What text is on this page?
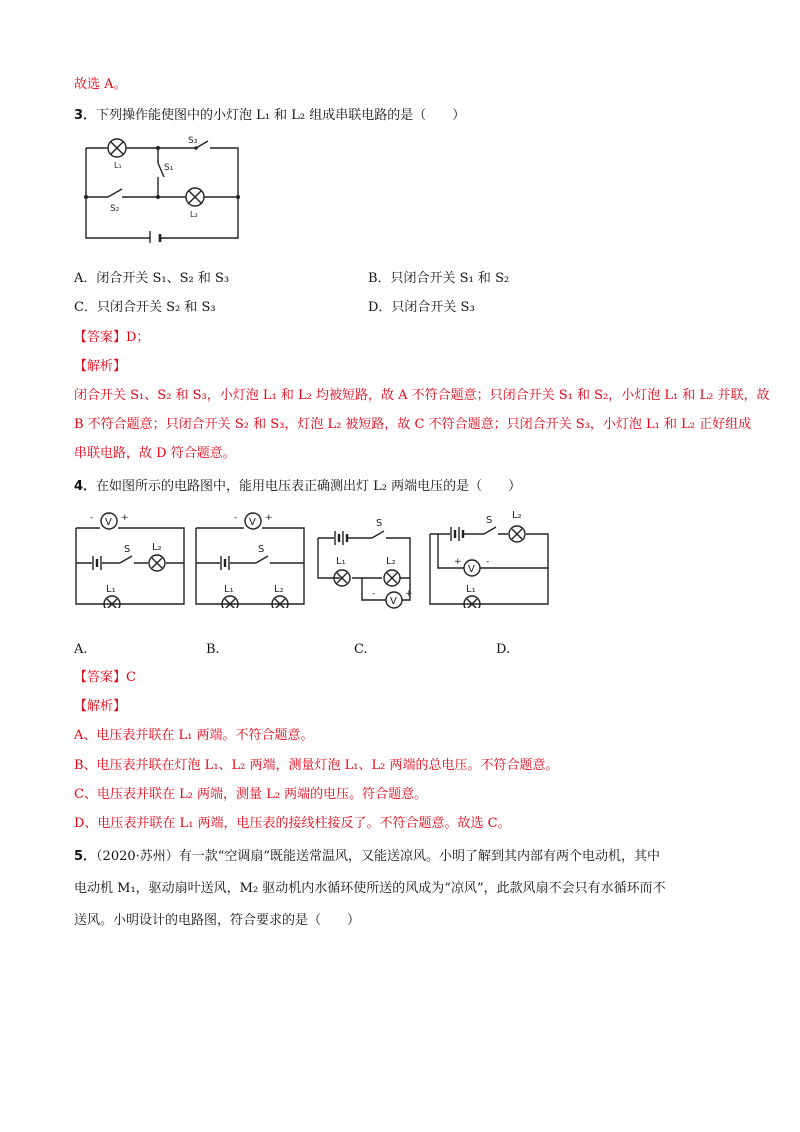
故选 A。
3．下列操作能使图中的小灯泡 L₁ 和 L₂ 组成串联电路的是（　　）
S₃
L₁	S₁
S₂
L₂
A．闭合开关 S₁、S₂ 和 S₃	B．只闭合开关 S₁ 和 S₂
C．只闭合开关 S₂ 和 S₃	D．只闭合开关 S₃
【答案】D；
【解析】
闭合开关 S₁、S₂ 和 S₃，小灯泡 L₁ 和 L₂ 均被短路，故 A 不符合题意；只闭合开关 S₁ 和 S₂，小灯泡 L₁ 和 L₂ 并联，故
B 不符合题意；只闭合开关 S₂ 和 S₃，灯泡 L₂ 被短路，故 C 不符合题意；只闭合开关 S₃，小灯泡 L₁ 和 L₂ 正好组成
串联电路，故 D 符合题意。
4．在如图所示的电路图中，能用电压表正确测出灯 L₂ 两端电压的是（　　）
V
-	+
S L₂
L₁
V
-	+
S
L₁	L₂
S
L₁	L₂
V
-	+
S L₂
V
+	-
L₁
A.	B.	C.	D.
【答案】C
【解析】
A、电压表并联在 L₁ 两端。不符合题意。
B、电压表并联在灯泡 L₁、L₂ 两端，测量灯泡 L₁、L₂ 两端的总电压。不符合题意。
C、电压表并联在 L₂ 两端，测量 L₂ 两端的电压。符合题意。
D、电压表并联在 L₁ 两端，电压表的接线柱接反了。不符合题意。故选 C。
5．（2020·苏州）有一款“空调扇”既能送常温风，又能送凉风。小明了解到其内部有两个电动机，其中
电动机 M₁，驱动扇叶送风，M₂ 驱动机内水循环使所送的风成为“凉风”，此款风扇不会只有水循环而不
送风。小明设计的电路图，符合要求的是（　　）
